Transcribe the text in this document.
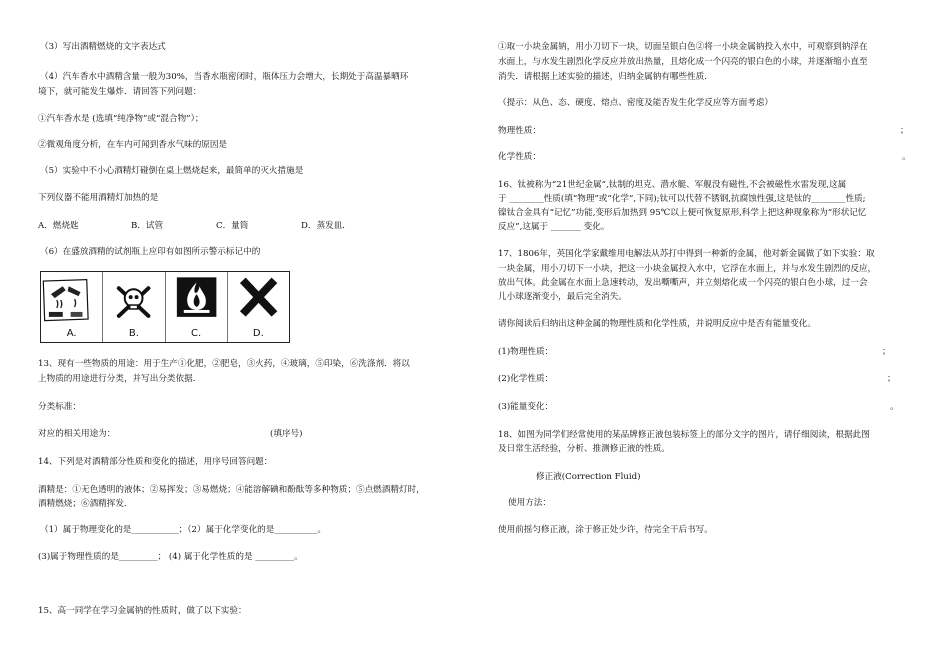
（3）写出酒精燃烧的文字表达式
（4）汽车香水中酒精含量一般为30%，当香水瓶密闭时，瓶体压力会增大，长期处于高温暴晒环
境下，就可能发生爆炸．请回答下列问题：
①汽车香水是 (选填“纯净物”或“混合物”）；
②微观角度分析，在车内可闻到香水气味的原因是
（5）实验中不小心酒精灯碰倒在桌上燃烧起来，最简单的灭火措施是
下列仪器不能用酒精灯加热的是
A．燃烧匙	B．试管	C．量筒	D．蒸发皿．
（6）在盛放酒精的试剂瓶上应印有如图所示警示标记中的
A.	B.	C.	D.
13、现有一些物质的用途：用于生产①化肥，②肥皂，③火药，④玻璃，⑤印染，⑥洗涤剂．将以
上物质的用途进行分类，并写出分类依据．
分类标准：
对应的相关用途为：	(填序号)
14、下列是对酒精部分性质和变化的描述，用序号回答问题：
酒精是：①无色透明的液体；②易挥发；③易燃烧；④能溶解碘和酚酞等多种物质；⑤点燃酒精灯时，
酒精燃烧；⑥酒精挥发．
（1）属于物理变化的是___________；（2）属于化学变化的是__________。
(3)属于物理性质的是_________； (4) 属于化学性质的是 _________。
15、高一同学在学习金属钠的性质时，做了以下实验：
①取一小块金属钠，用小刀切下一块，切面呈银白色②将一小块金属钠投入水中，可观察到钠浮在
水面上，与水发生剧烈化学反应并放出热量，且熔化成一个闪亮的银白色的小球，并逐渐缩小直至
消失．请根据上述实验的描述，归纳金属钠有哪些性质．
（提示：从色、态、硬度、熔点、密度及能否发生化学反应等方面考虑）
物理性质：	；
化学性质：	。
16、钛被称为“21世纪金属”,钛制的坦克、潜水艇、军舰没有磁性,不会被磁性水雷发现,这属
于 ________性质(填“物理”或“化学”,下同);钛可以代替不锈钢,抗腐蚀性强,这是钛的________性质;
镍钛合金具有“记忆”功能,变形后加热到 95℃以上便可恢复原形,科学上把这种现象称为“形状记忆
反应”,这属于 _______ 变化。
17、1806年，英国化学家戴维用电解法从苏打中得到一种新的金属，他对新金属做了如下实验：取
一块金属，用小刀切下一小块，把这一小块金属投入水中，它浮在水面上，并与水发生剧烈的反应，
放出气体。此金属在水面上急速转动，发出嘶嘶声，并立刻熔化成一个闪亮的银白色小球，过一会
儿小球逐渐变小，最后完全消失。
请你阅读后归纳出这种金属的物理性质和化学性质，并说明反应中是否有能量变化。
(1)物理性质：	；
(2)化学性质：	；
(3)能量变化：	。
18、如图为同学们经常使用的某品牌修正液包装标签上的部分文字的图片，请仔细阅读，根据此图
及日常生活经验，分析、推测修正液的性质。
修正液(Correction Fluid)
使用方法：
使用前摇匀修正液，涂于修正处少许，待完全干后书写。
